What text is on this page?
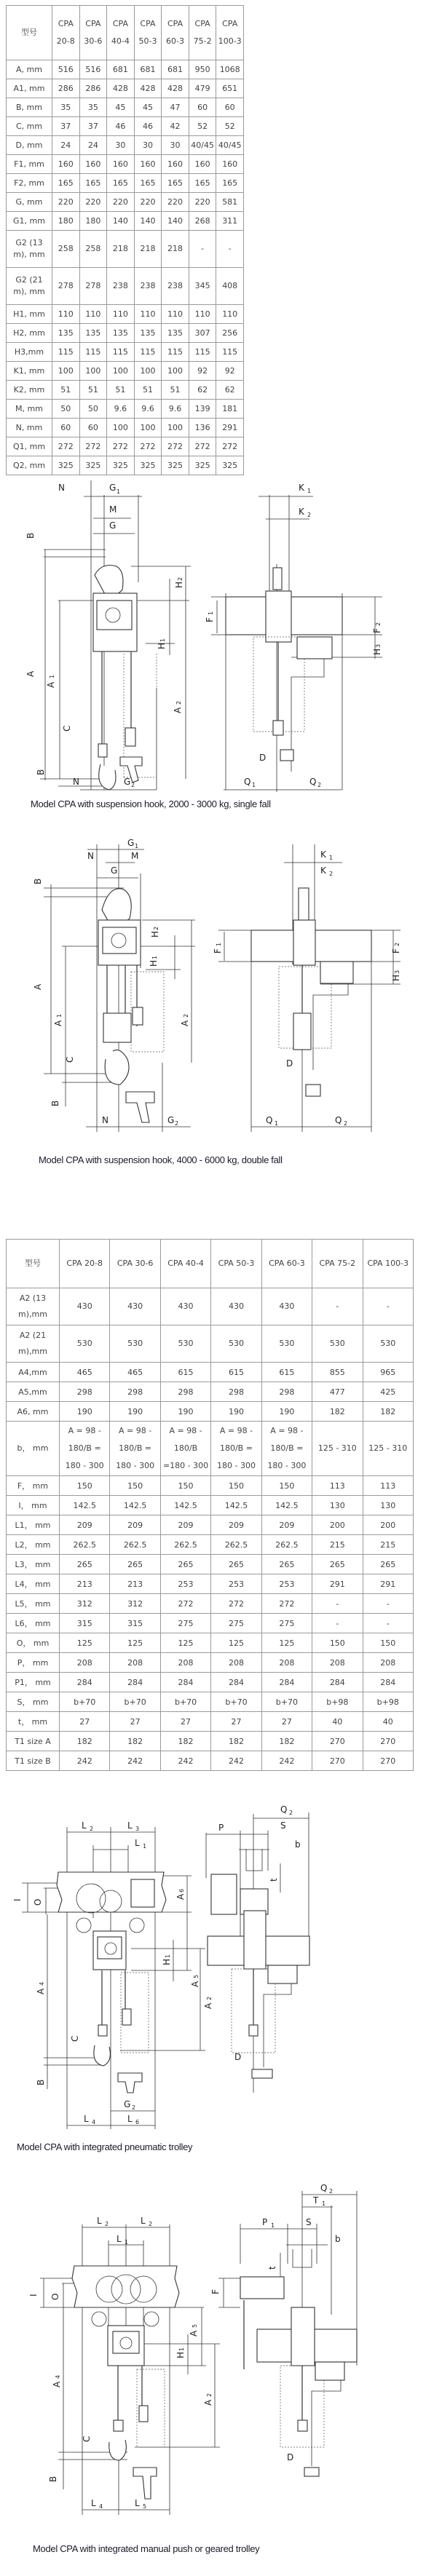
型号	CPA 20-8	CPA 30-6	CPA 40-4	CPA 50-3	CPA 60-3	CPA 75-2	CPA 100-3
A, mm	516	516	681	681	681	950	1068
A1, mm	286	286	428	428	428	479	651
B, mm	35	35	45	45	47	60	60
C, mm	37	37	46	46	42	52	52
D, mm	24	24	30	30	30	40/45	40/45
F1, mm	160	160	160	160	160	160	160
F2, mm	165	165	165	165	165	165	165
G, mm	220	220	220	220	220	220	581
G1, mm	180	180	140	140	140	268	311
G2 (13 m), mm	258	258	218	218	218	-	-
G2 (21 m), mm	278	278	238	238	238	345	408
H1, mm	110	110	110	110	110	110	110
H2, mm	135	135	135	135	135	307	256
H3,mm	115	115	115	115	115	115	115
K1, mm	100	100	100	100	100	92	92
K2, mm	51	51	51	51	51	62	62
M, mm	50	50	9.6	9.6	9.6	139	181
N, mm	60	60	100	100	100	136	291
Q1, mm	272	272	272	272	272	272	272
Q2, mm	325	325	325	325	325	325	325
N	G 1
M
G
B
A
A
1
C
B
N	G 2
H
2
H
1
A
2
K 1
K 2
F
1
F
2
H
3
D
Q 1	Q 2
Model CPA with suspension hook, 2000 - 3000 kg, single fall
N
G 1
M
G
B
A
A
1
C
B
N	G 2
H
2
H
1
A
2
K 1
K 2
F
1
F
2
H
3
D
Q 1	Q 2
Model CPA with suspension hook, 4000 - 6000 kg, double fall
型号	CPA 20-8	CPA 30-6	CPA 40-4	CPA 50-3	CPA 60-3	CPA 75-2	CPA 100-3
A2 (13 m),mm	430	430	430	430	430	-	-
A2 (21 m),mm	530	530	530	530	530	530	530
A4,mm	465	465	615	615	615	855	965
A5,mm	298	298	298	298	298	477	425
A6, mm	190	190	190	190	190	182	182
b， mm	A = 98 - 180/B = 180 - 300	A = 98 - 180/B = 180 - 300	A = 98 - 180/B =180 - 300	A = 98 - 180/B = 180 - 300	A = 98 - 180/B = 180 - 300	125 - 310	125 - 310
F， mm	150	150	150	150	150	113	113
I， mm	142.5	142.5	142.5	142.5	142.5	130	130
L1， mm	209	209	209	209	209	200	200
L2， mm	262.5	262.5	262.5	262.5	262.5	215	215
L3， mm	265	265	265	265	265	265	265
L4， mm	213	213	253	253	253	291	291
L5， mm	312	312	272	272	272	-	-
L6， mm	315	315	275	275	275	-	-
O， mm	125	125	125	125	125	150	150
P， mm	208	208	208	208	208	208	208
P1， mm	284	284	284	284	284	284	284
S， mm	b+70	b+70	b+70	b+70	b+70	b+98	b+98
t， mm	27	27	27	27	27	40	40
T1 size A	182	182	182	182	182	270	270
T1 size B	242	242	242	242	242	270	270
L 2	L 3
L 1
I O
A
6
A
5
H
1
A
4
A
2
C
B
G 2
L 4	L 6
Q 2
P	S
b
t
D
Model CPA with integrated pneumatic trolley
L 2	L 2
L 1
I O
A
5
H
1
A
4
A
2
C
B
L 4	L 5
Q 2
T 1
P 1	S
b
t
F
D
Model CPA with integrated manual push or geared trolley
